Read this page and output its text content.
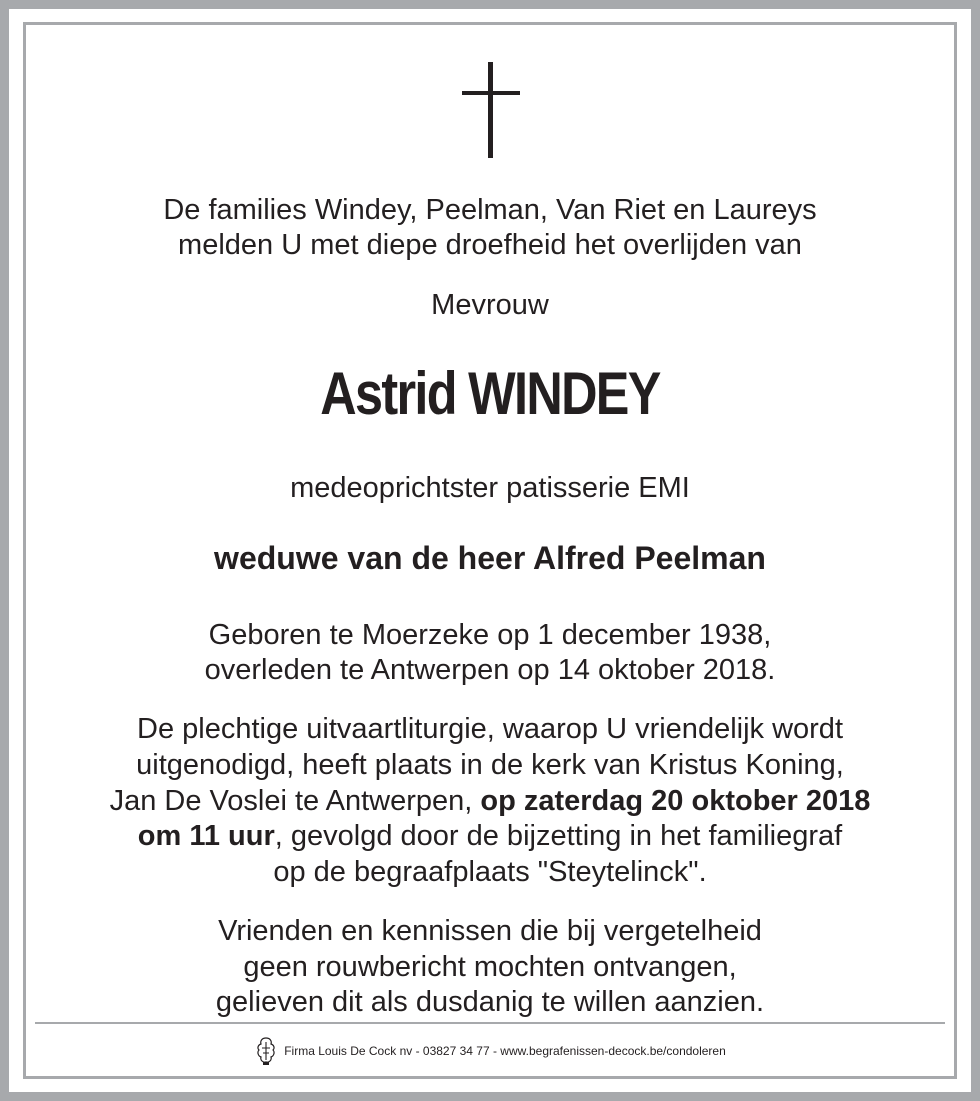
De families Windey, Peelman, Van Riet en Laureys
melden U met diepe droefheid het overlijden van
Mevrouw
Astrid WINDEY
medeoprichtster patisserie EMI
weduwe van de heer Alfred Peelman
Geboren te Moerzeke op 1 december 1938,
overleden te Antwerpen op 14 oktober 2018.
De plechtige uitvaartliturgie, waarop U vriendelijk wordt
uitgenodigd, heeft plaats in de kerk van Kristus Koning,
Jan De Voslei te Antwerpen, op zaterdag 20 oktober 2018
om 11 uur, gevolgd door de bijzetting in het familiegraf
op de begraafplaats "Steytelinck".
Vrienden en kennissen die bij vergetelheid
geen rouwbericht mochten ontvangen,
gelieven dit als dusdanig te willen aanzien.
Firma Louis De Cock nv - 03827 34 77 - www.begrafenissen-decock.be/condoleren
